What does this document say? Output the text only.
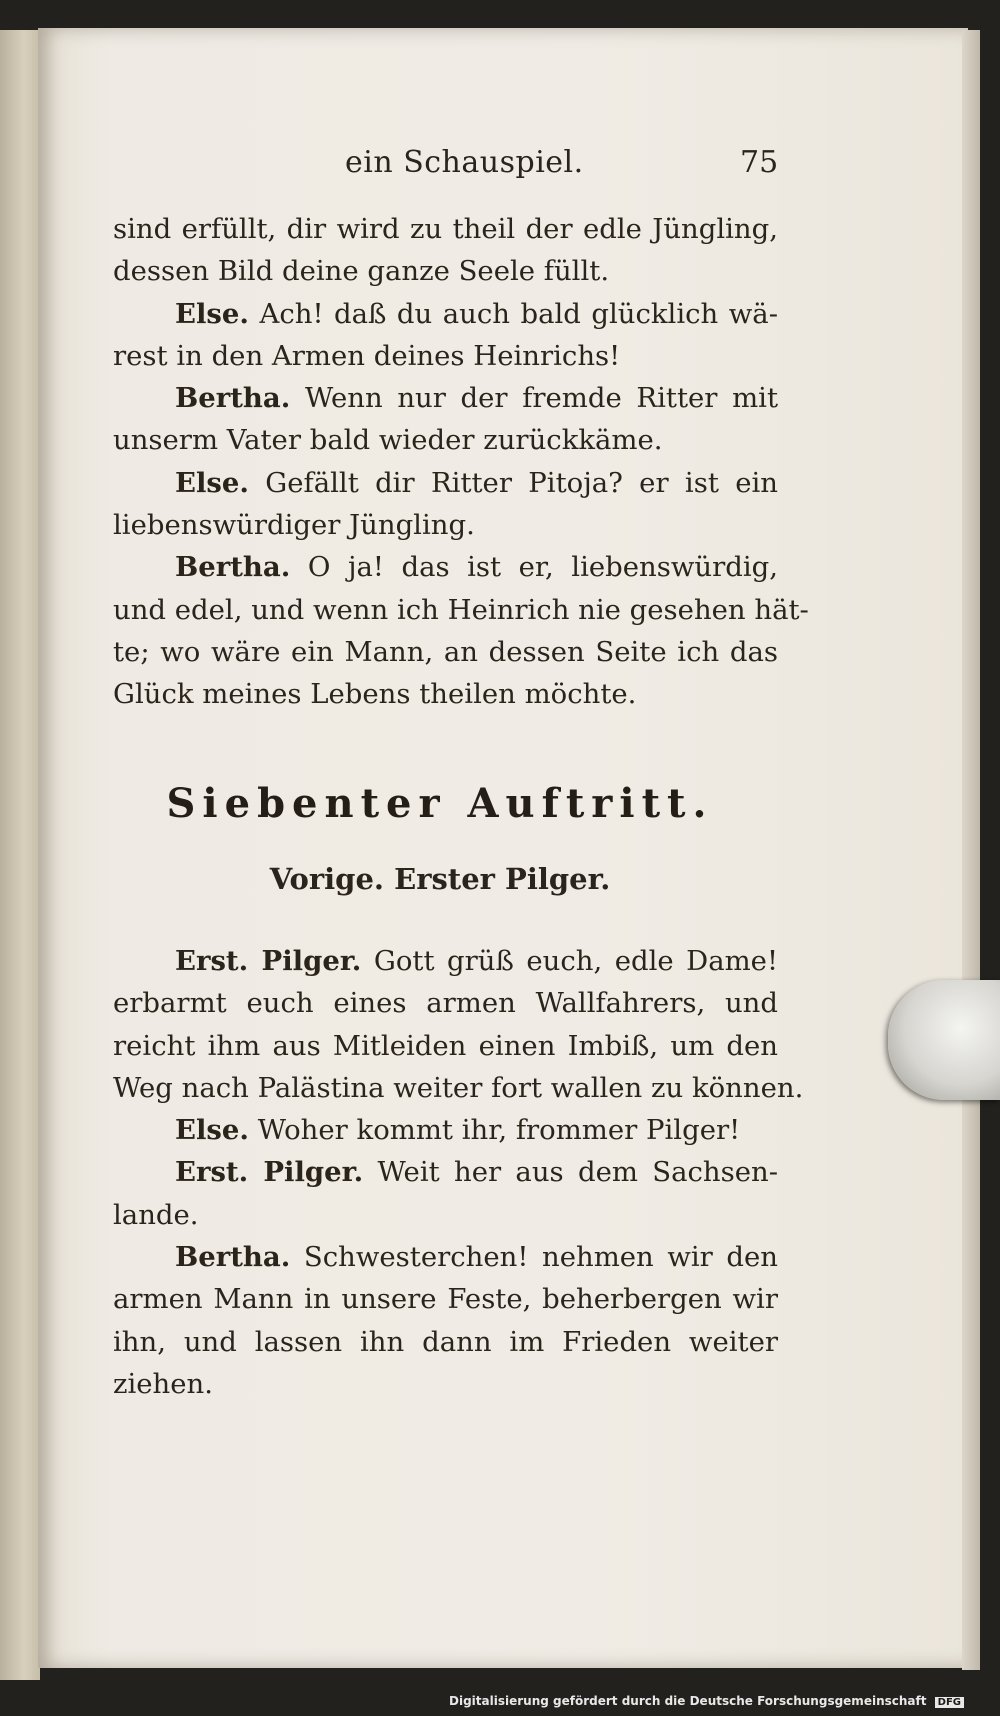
ein Schauspiel.	75
sind erfüllt, dir wird zu theil der edle Jüngling,
dessen Bild deine ganze Seele füllt.
Else. Ach! daß du auch bald glücklich wä-
rest in den Armen deines Heinrichs!
Bertha. Wenn nur der fremde Ritter mit
unserm Vater bald wieder zurückkäme.
Else. Gefällt dir Ritter Pitoja? er ist ein
liebenswürdiger Jüngling.
Bertha. O ja! das ist er, liebenswürdig,
und edel, und wenn ich Heinrich nie gesehen hät-
te; wo wäre ein Mann, an dessen Seite ich das
Glück meines Lebens theilen möchte.
Siebenter Auftritt.
Vorige. Erster Pilger.
Erst. Pilger. Gott grüß euch, edle Dame!
erbarmt euch eines armen Wallfahrers, und
reicht ihm aus Mitleiden einen Imbiß, um den
Weg nach Palästina weiter fort wallen zu können.
Else. Woher kommt ihr, frommer Pilger!
Erst. Pilger. Weit her aus dem Sachsen-
lande.
Bertha. Schwesterchen! nehmen wir den
armen Mann in unsere Feste, beherbergen wir
ihn, und lassen ihn dann im Frieden weiter
ziehen.
Digitalisierung gefördert durch die Deutsche Forschungsgemeinschaft DFG
